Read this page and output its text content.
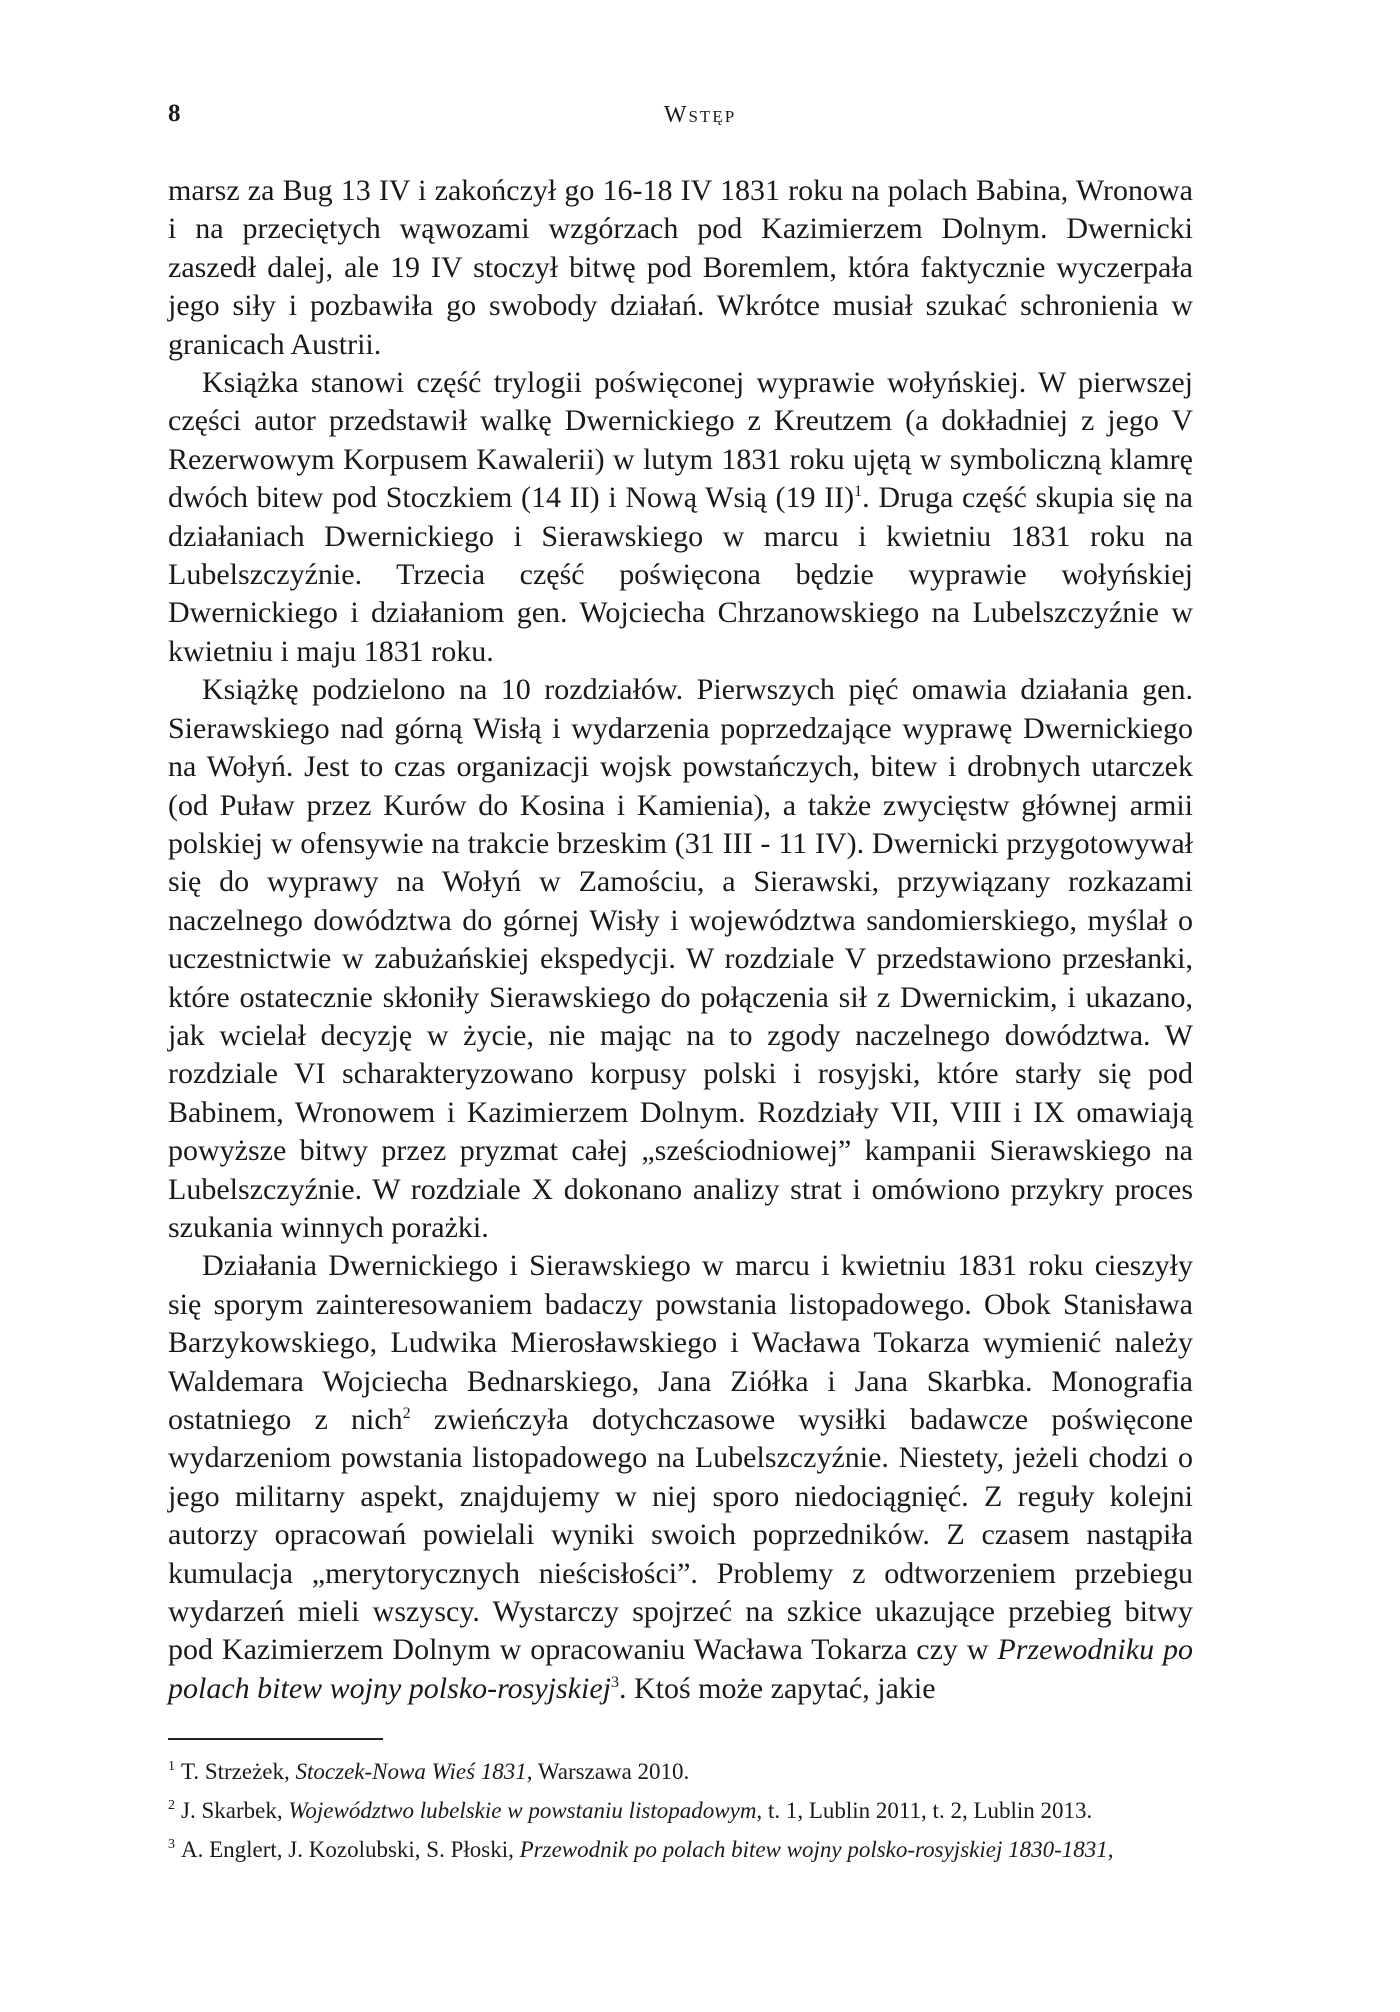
8	Wstęp

marsz za Bug 13 IV i zakończył go 16-18 IV 1831 roku na polach Babina, Wronowa i na przeciętych wąwozami wzgórzach pod Kazimierzem Dolnym. Dwernicki zaszedł dalej, ale 19 IV stoczył bitwę pod Boremlem, która faktycznie wyczerpała jego siły i pozbawiła go swobody działań. Wkrótce musiał szukać schronienia w granicach Austrii.

Książka stanowi część trylogii poświęconej wyprawie wołyńskiej. W pierwszej części autor przedstawił walkę Dwernickiego z Kreutzem (a dokładniej z jego V Rezerwowym Korpusem Kawalerii) w lutym 1831 roku ujętą w symboliczną klamrę dwóch bitew pod Stoczkiem (14 II) i Nową Wsią (19 II)$^1$. Druga część skupia się na działaniach Dwernickiego i Sierawskiego w marcu i kwietniu 1831 roku na Lubelszczyźnie. Trzecia część poświęcona będzie wyprawie wołyńskiej Dwernickiego i działaniom gen. Wojciecha Chrzanowskiego na Lubelszczyźnie w kwietniu i maju 1831 roku.

Książkę podzielono na 10 rozdziałów. Pierwszych pięć omawia działania gen. Sierawskiego nad górną Wisłą i wydarzenia poprzedzające wyprawę Dwernickiego na Wołyń. Jest to czas organizacji wojsk powstańczych, bitew i drobnych utarczek (od Puław przez Kurów do Kosina i Kamienia), a także zwycięstw głównej armii polskiej w ofensywie na trakcie brzeskim (31 III - 11 IV). Dwernicki przygotowywał się do wyprawy na Wołyń w Zamościu, a Sierawski, przywiązany rozkazami naczelnego dowództwa do górnej Wisły i województwa sandomierskiego, myślał o uczestnictwie w zabużańskiej ekspedycji. W rozdziale V przedstawiono przesłanki, które ostatecznie skłoniły Sierawskiego do połączenia sił z Dwernickim, i ukazano, jak wcielał decyzję w życie, nie mając na to zgody naczelnego dowództwa. W rozdziale VI scharakteryzowano korpusy polski i rosyjski, które starły się pod Babinem, Wronowem i Kazimierzem Dolnym. Rozdziały VII, VIII i IX omawiają powyższe bitwy przez pryzmat całej „sześciodniowej” kampanii Sierawskiego na Lubelszczyźnie. W rozdziale X dokonano analizy strat i omówiono przykry proces szukania winnych porażki.

Działania Dwernickiego i Sierawskiego w marcu i kwietniu 1831 roku cieszyły się sporym zainteresowaniem badaczy powstania listopadowego. Obok Stanisława Barzykowskiego, Ludwika Mierosławskiego i Wacława Tokarza wymienić należy Waldemara Wojciecha Bednarskiego, Jana Ziółka i Jana Skarbka. Monografia ostatniego z nich$^2$ zwieńczyła dotychczasowe wysiłki badawcze poświęcone wydarzeniom powstania listopadowego na Lubelszczyźnie. Niestety, jeżeli chodzi o jego militarny aspekt, znajdujemy w niej sporo niedociągnięć. Z reguły kolejni autorzy opracowań powielali wyniki swoich poprzedników. Z czasem nastąpiła kumulacja „merytorycznych nieścisłości”. Problemy z odtworzeniem przebiegu wydarzeń mieli wszyscy. Wystarczy spojrzeć na szkice ukazujące przebieg bitwy pod Kazimierzem Dolnym w opracowaniu Wacława Tokarza czy w Przewodniku po polach bitew wojny polsko-rosyjskiej$^3$. Ktoś może zapytać, jakie

$^1$ T. Strzeżek, Stoczek-Nowa Wieś 1831, Warszawa 2010.

$^2$ J. Skarbek, Województwo lubelskie w powstaniu listopadowym, t. 1, Lublin 2011, t. 2, Lublin 2013.

$^3$ A. Englert, J. Kozolubski, S. Płoski, Przewodnik po polach bitew wojny polsko-rosyjskiej 1830-1831,
